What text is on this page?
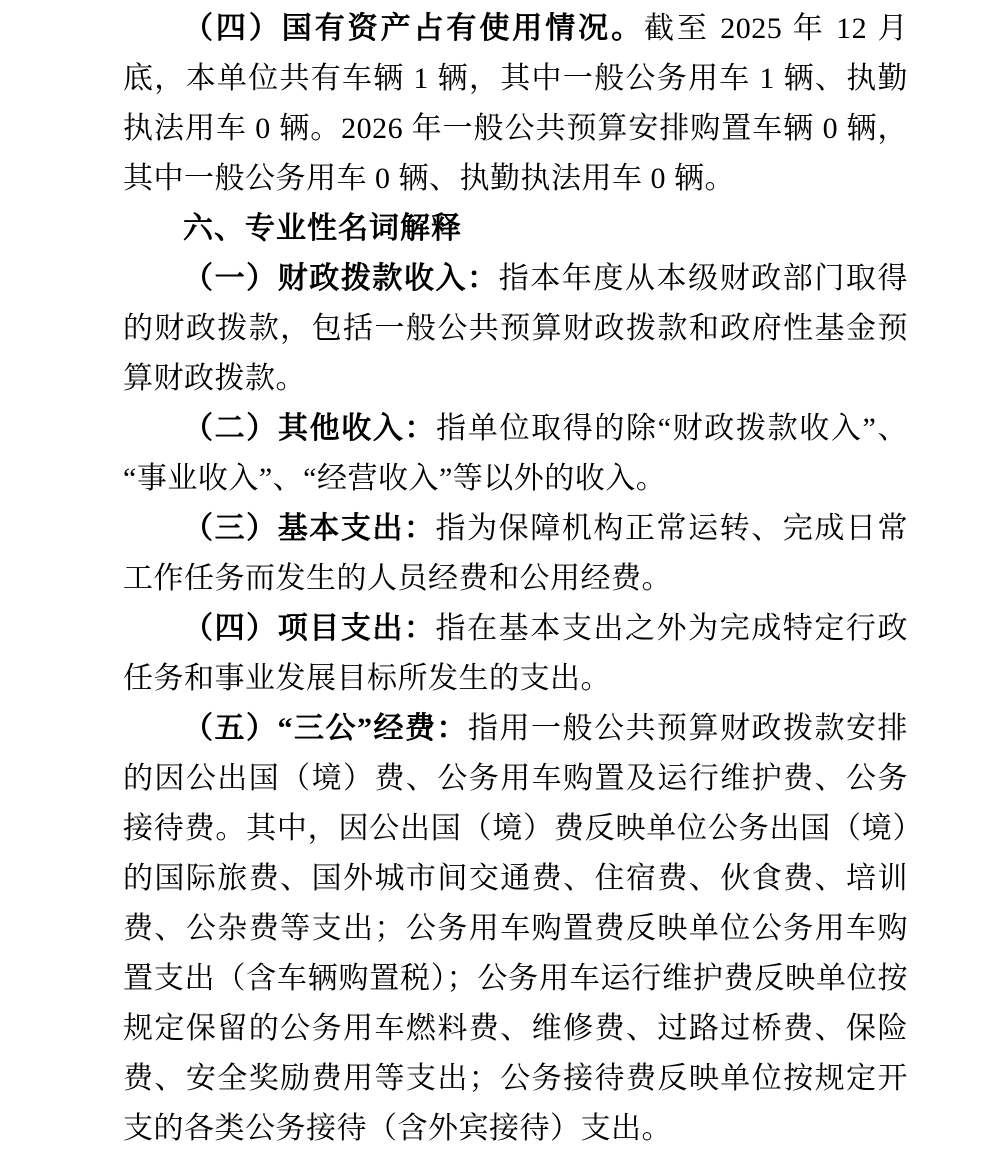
（四）国有资产占有使用情况。截至 2025 年 12 月底，本单位共有车辆 1 辆，其中一般公务用车 1 辆、执勤执法用车 0 辆。2026 年一般公共预算安排购置车辆 0 辆，其中一般公务用车 0 辆、执勤执法用车 0 辆。

六、专业性名词解释

（一）财政拨款收入：指本年度从本级财政部门取得的财政拨款，包括一般公共预算财政拨款和政府性基金预算财政拨款。

（二）其他收入：指单位取得的除“财政拨款收入”、“事业收入”、“经营收入”等以外的收入。

（三）基本支出：指为保障机构正常运转、完成日常工作任务而发生的人员经费和公用经费。

（四）项目支出：指在基本支出之外为完成特定行政任务和事业发展目标所发生的支出。

（五）“三公”经费：指用一般公共预算财政拨款安排的因公出国（境）费、公务用车购置及运行维护费、公务接待费。其中，因公出国（境）费反映单位公务出国（境）的国际旅费、国外城市间交通费、住宿费、伙食费、培训费、公杂费等支出；公务用车购置费反映单位公务用车购置支出（含车辆购置税）；公务用车运行维护费反映单位按规定保留的公务用车燃料费、维修费、过路过桥费、保险费、安全奖励费用等支出；公务接待费反映单位按规定开支的各类公务接待（含外宾接待）支出。
